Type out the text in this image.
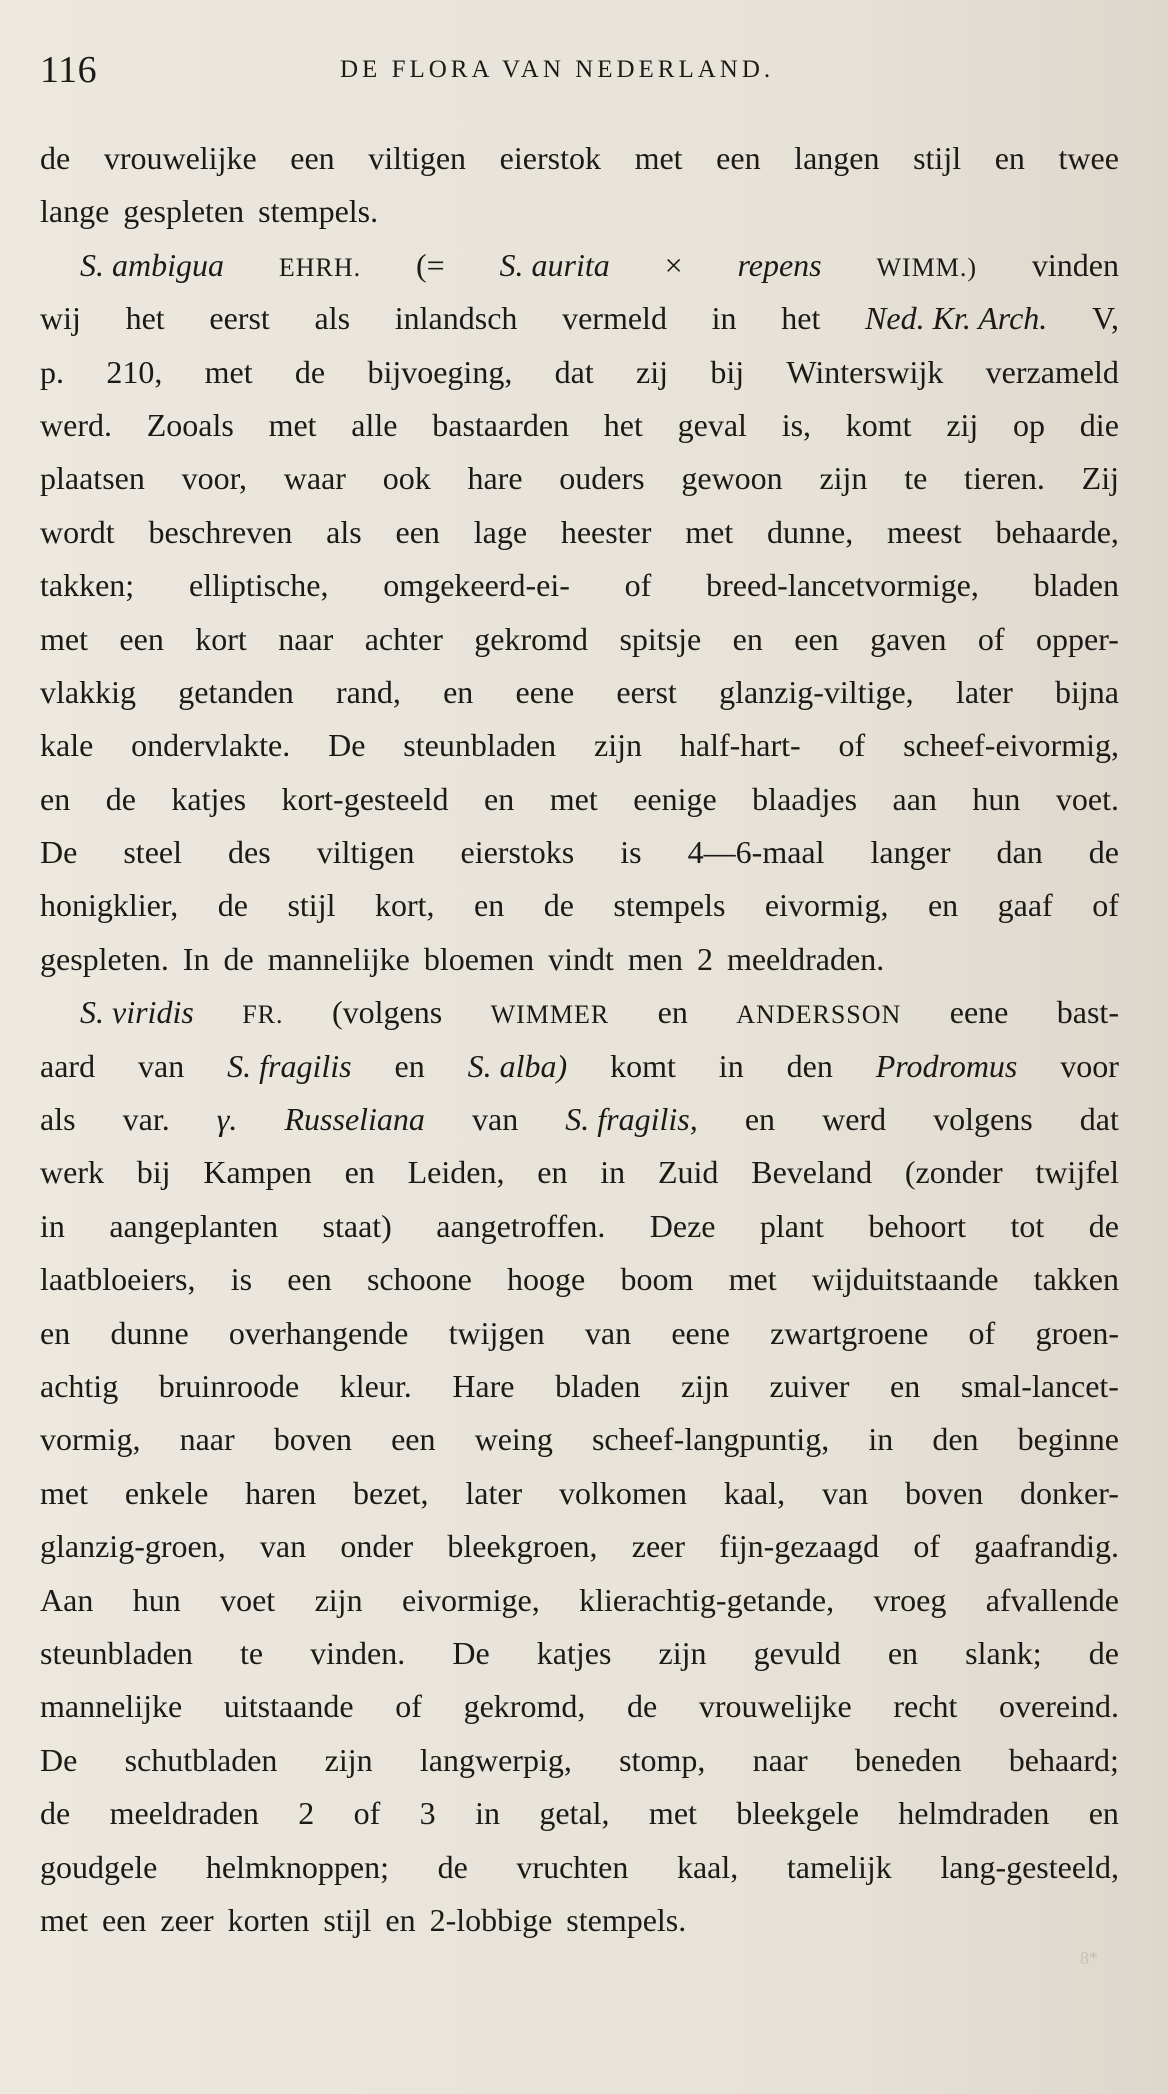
116	DE FLORA VAN NEDERLAND.
de vrouwelijke een viltigen eierstok met een langen stijl en twee
lange gespleten stempels.
S. ambigua EHRH. (= S. aurita × repens WIMM.) vinden
wij het eerst als inlandsch vermeld in het Ned. Kr. Arch. V,
p. 210, met de bijvoeging, dat zij bij Winterswijk verzameld
werd. Zooals met alle bastaarden het geval is, komt zij op die
plaatsen voor, waar ook hare ouders gewoon zijn te tieren. Zij
wordt beschreven als een lage heester met dunne, meest behaarde,
takken; elliptische, omgekeerd-ei- of breed-lancetvormige, bladen
met een kort naar achter gekromd spitsje en een gaven of opper-
vlakkig getanden rand, en eene eerst glanzig-viltige, later bijna
kale ondervlakte. De steunbladen zijn half-hart- of scheef-eivormig,
en de katjes kort-gesteeld en met eenige blaadjes aan hun voet.
De steel des viltigen eierstoks is 4—6-maal langer dan de
honigklier, de stijl kort, en de stempels eivormig, en gaaf of
gespleten. In de mannelijke bloemen vindt men 2 meeldraden.
S. viridis FR. (volgens WIMMER en ANDERSSON eene bast-
aard van S. fragilis en S. alba) komt in den Prodromus voor
als var. γ. Russeliana van S. fragilis, en werd volgens dat
werk bij Kampen en Leiden, en in Zuid Beveland (zonder twijfel
in aangeplanten staat) aangetroffen. Deze plant behoort tot de
laatbloeiers, is een schoone hooge boom met wijduitstaande takken
en dunne overhangende twijgen van eene zwartgroene of groen-
achtig bruinroode kleur. Hare bladen zijn zuiver en smal-lancet-
vormig, naar boven een weing scheef-langpuntig, in den beginne
met enkele haren bezet, later volkomen kaal, van boven donker-
glanzig-groen, van onder bleekgroen, zeer fijn-gezaagd of gaafrandig.
Aan hun voet zijn eivormige, klierachtig-getande, vroeg afvallende
steunbladen te vinden. De katjes zijn gevuld en slank; de
mannelijke uitstaande of gekromd, de vrouwelijke recht overeind.
De schutbladen zijn langwerpig, stomp, naar beneden behaard;
de meeldraden 2 of 3 in getal, met bleekgele helmdraden en
goudgele helmknoppen; de vruchten kaal, tamelijk lang-gesteeld,
met een zeer korten stijl en 2-lobbige stempels.
8*
